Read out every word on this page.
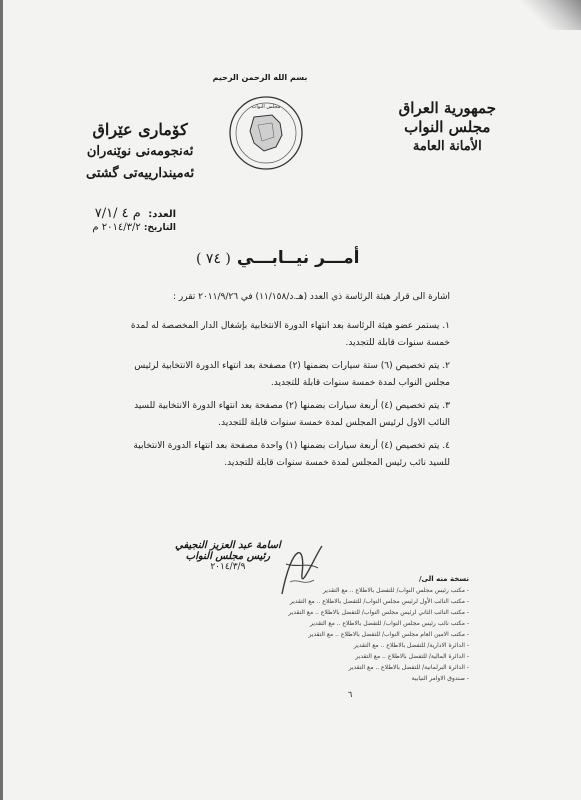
بسم الله الرحمن الرحيم
جمهورية العراق
مجلس النواب
الأمانة العامة
مجلس النواب
كۆماری عێراق
ئەنجومەنی نوێنەران
ئەمیندارییەتی گشتی
العدد: م ٤ /٧/١
التاريخ: ٢٠١٤/٣/٢ م
أمـــر نيــابـــي ( ٧٤ )
اشارة الى قرار هيئة الرئاسة ذي العدد (هـ.د/١١/١٥٨) في ٢٠١١/٩/٢٦ تقرر :
١. يستمر عضو هيئة الرئاسة بعد انتهاء الدورة الانتخابية بإشغال الدار المخصصة له لمدة خمسة سنوات قابلة للتجديد.
٢. يتم تخصيص (٦) ستة سيارات بضمنها (٢) مصفحة بعد انتهاء الدورة الانتخابية لرئيس مجلس النواب لمدة خمسة سنوات قابلة للتجديد.
٣. يتم تخصيص (٤) أربعة سيارات بضمنها (٢) مصفحة بعد انتهاء الدورة الانتخابية للسيد النائب الاول لرئيس المجلس لمدة خمسة سنوات قابلة للتجديد.
٤. يتم تخصيص (٤) أربعة سيارات بضمنها (١) واحدة مصفحة بعد انتهاء الدورة الانتخابية للسيد نائب رئيس المجلس لمدة خمسة سنوات قابلة للتجديد.
اسامة عبد العزيز النجيفي
رئيس مجلس النواب
٢٠١٤/٣/٩
نسخة منه الى/
- مكتب رئيس مجلس النواب/ للتفضل بالاطلاع .. مع التقدير
- مكتب النائب الأول لرئيس مجلس النواب/ للتفضل بالاطلاع .. مع التقدير
- مكتب النائب الثاني لرئيس مجلس النواب/ للتفضل بالاطلاع .. مع التقدير
- مكتب نائب رئيس مجلس النواب/ للتفضل بالاطلاع .. مع التقدير
- مكتب الامين العام مجلس النواب/ للتفضل بالاطلاع .. مع التقدير
- الدائرة الادارية/ للتفضل بالاطلاع .. مع التقدير
- الدائرة المالية/ للتفضل بالاطلاع .. مع التقدير
- الدائرة البرلمانية/ للتفضل بالاطلاع .. مع التقدير
- صندوق الاوامر النيابية
٦
